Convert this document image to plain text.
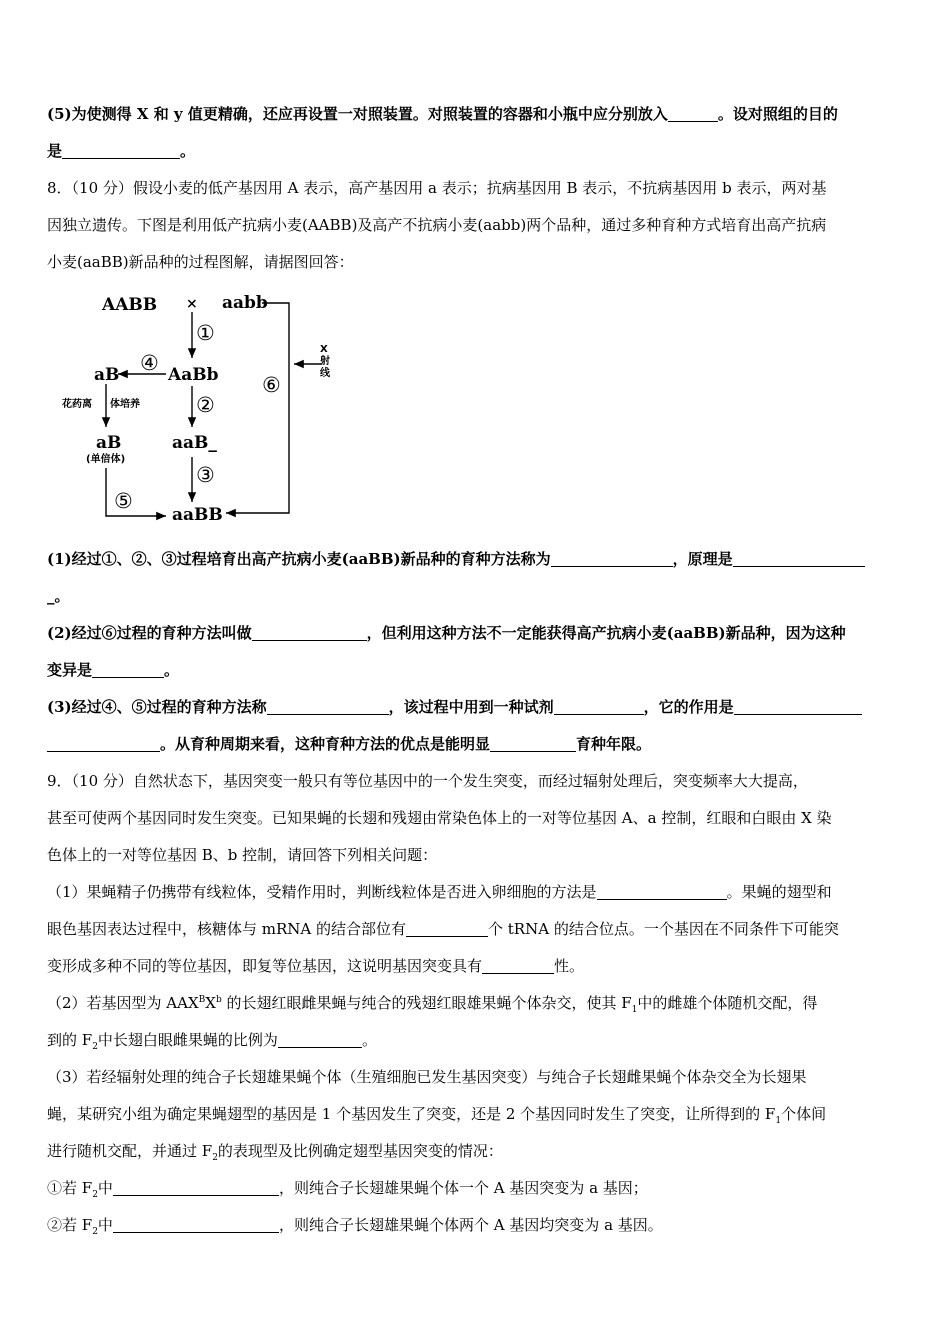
(5)为使测得 X 和 y 值更精确，还应再设置一对照装置。对照装置的容器和小瓶中应分别放入	。设对照组的目的
是	。
8．（10 分）假设小麦的低产基因用 A 表示，高产基因用 a 表示；抗病基因用 B 表示，不抗病基因用 b 表示，两对基
因独立遗传。下图是利用低产抗病小麦(AABB)及高产不抗病小麦(aabb)两个品种，通过多种育种方式培育出高产抗病
小麦(aaBB)新品种的过程图解，请据图回答：
(1)经过①、②、③过程培育出高产抗病小麦(aaBB)新品种的育种方法称为	，原理是
_。
(2)经过⑥过程的育种方法叫做	，但利用这种方法不一定能获得高产抗病小麦(aaBB)新品种，因为这种
变异是	。
(3)经过④、⑤过程的育种方法称	，该过程中用到一种试剂	，它的作用是
。从育种周期来看，这种育种方法的优点是能明显	育种年限。
9．（10 分）自然状态下，基因突变一般只有等位基因中的一个发生突变，而经过辐射处理后，突变频率大大提高，
甚至可使两个基因同时发生突变。已知果蝇的长翅和残翅由常染色体上的一对等位基因 A、a 控制，红眼和白眼由 X 染
色体上的一对等位基因 B、b 控制，请回答下列相关问题：
（1）果蝇精子仍携带有线粒体，受精作用时，判断线粒体是否进入卵细胞的方法是	。果蝇的翅型和
眼色基因表达过程中，核糖体与 mRNA 的结合部位有	个 tRNA 的结合位点。一个基因在不同条件下可能突
变形成多种不同的等位基因，即复等位基因，这说明基因突变具有	性。
（2）若基因型为 $AAX^BX^b$ 的长翅红眼雌果蝇与纯合的残翅红眼雄果蝇个体杂交，使其 $F_1$中的雌雄个体随机交配，得
到的 $F_2$中长翅白眼雌果蝇的比例为	。
（3）若经辐射处理的纯合子长翅雄果蝇个体（生殖细胞已发生基因突变）与纯合子长翅雌果蝇个体杂交全为长翅果
蝇，某研究小组为确定果蝇翅型的基因是 1 个基因发生了突变，还是 2 个基因同时发生了突变，让所得到的 $F_1$个体间
进行随机交配，并通过 $F_2$的表现型及比例确定翅型基因突变的情况：
①若 $F_2$中	，则纯合子长翅雄果蝇个体一个 A 基因突变为 a 基因；
②若 $F_2$中	，则纯合子长翅雄果蝇个体两个 A 基因均突变为 a 基因。
AABB × aabb
AaBb
aB
aB	aaB_
aaBB
①
②
③
④
⑤
⑥
花药离 体培养
(单倍体)
X
射
线
